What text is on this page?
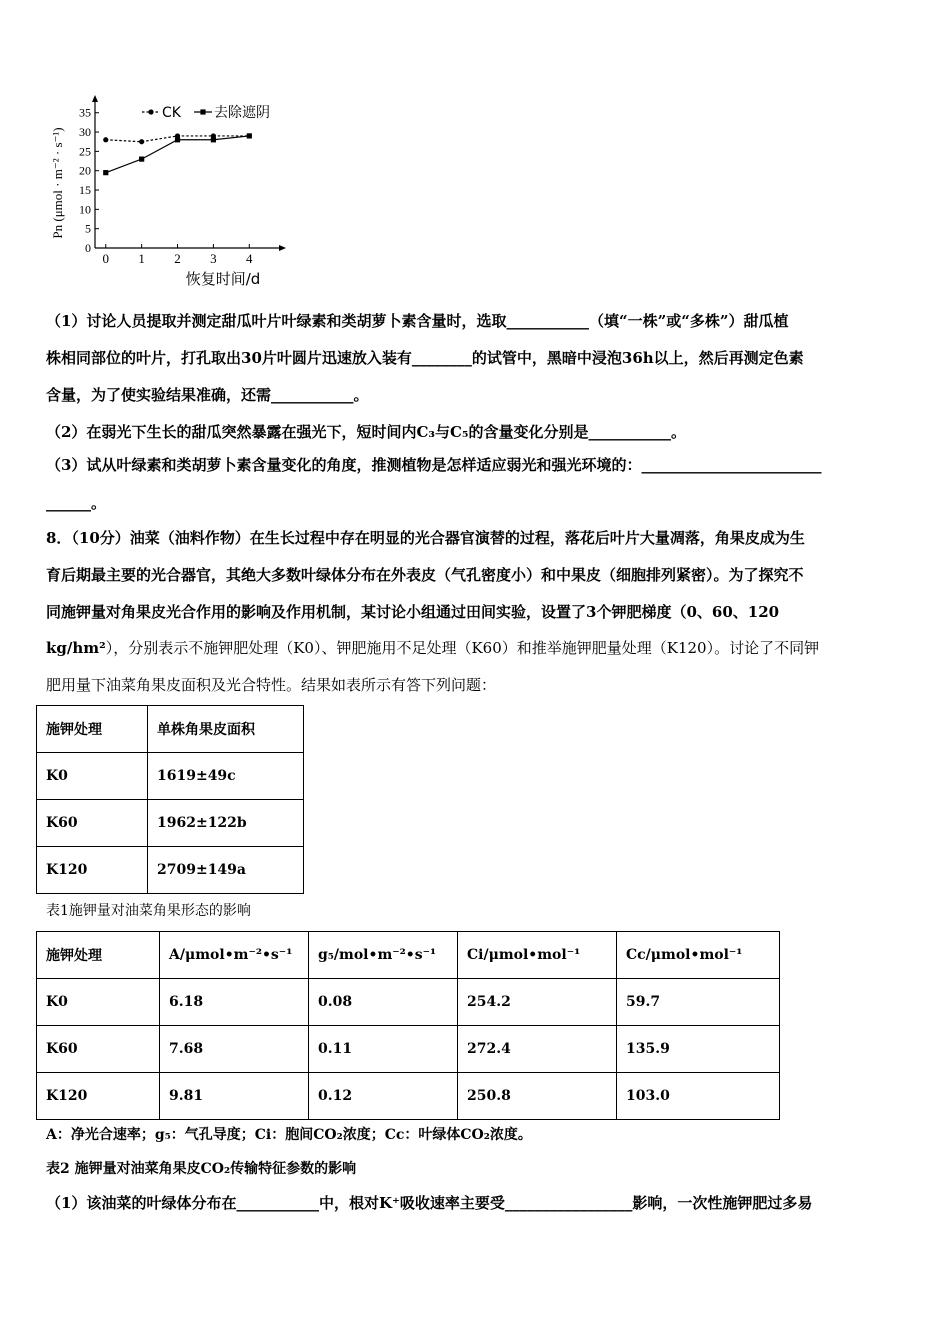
Pn (μmol · m⁻² · s⁻¹)
恢复时间/d
0
5
10
15
20
25
30
35
0 1 2 3 4
CK 去除遮阴
（1）讨论人员提取并测定甜瓜叶片叶绿素和类胡萝卜素含量时，选取___________（填“一株”或“多株”）甜瓜植
株相同部位的叶片，打孔取出30片叶圆片迅速放入装有________的试管中，黑暗中浸泡36h以上，然后再测定色素
含量，为了使实验结果准确，还需___________。
（2）在弱光下生长的甜瓜突然暴露在强光下，短时间内C₃与C₅的含量变化分别是___________。
（3）试从叶绿素和类胡萝卜素含量变化的角度，推测植物是怎样适应弱光和强光环境的：________________________
______。
8．（10分）油菜（油料作物）在生长过程中存在明显的光合器官演替的过程，落花后叶片大量凋落，角果皮成为生
育后期最主要的光合器官，其绝大多数叶绿体分布在外表皮（气孔密度小）和中果皮（细胞排列紧密）。为了探究不
同施钾量对角果皮光合作用的影响及作用机制，某讨论小组通过田间实验，设置了3个钾肥梯度（0、60、120
kg/hm²），分别表示不施钾肥处理（K0）、钾肥施用不足处理（K60）和推举施钾肥量处理（K120）。讨论了不同钾
肥用量下油菜角果皮面积及光合特性。结果如表所示有答下列问题：
施钾处理	单株角果皮面积
K0	1619±49c
K60	1962±122b
K120	2709±149a
表1施钾量对油菜角果形态的影响
施钾处理	A/μmol•m⁻²•s⁻¹	g₅/mol•m⁻²•s⁻¹	Ci/μmol•mol⁻¹	Cc/μmol•mol⁻¹
K0	6.18	0.08	254.2	59.7
K60	7.68	0.11	272.4	135.9
K120	9.81	0.12	250.8	103.0
A：净光合速率；g₅：气孔导度；Ci：胞间CO₂浓度；Cc：叶绿体CO₂浓度。
表2 施钾量对油菜角果皮CO₂传输特征参数的影响
（1）该油菜的叶绿体分布在___________中，根对K⁺吸收速率主要受_________________影响，一次性施钾肥过多易
